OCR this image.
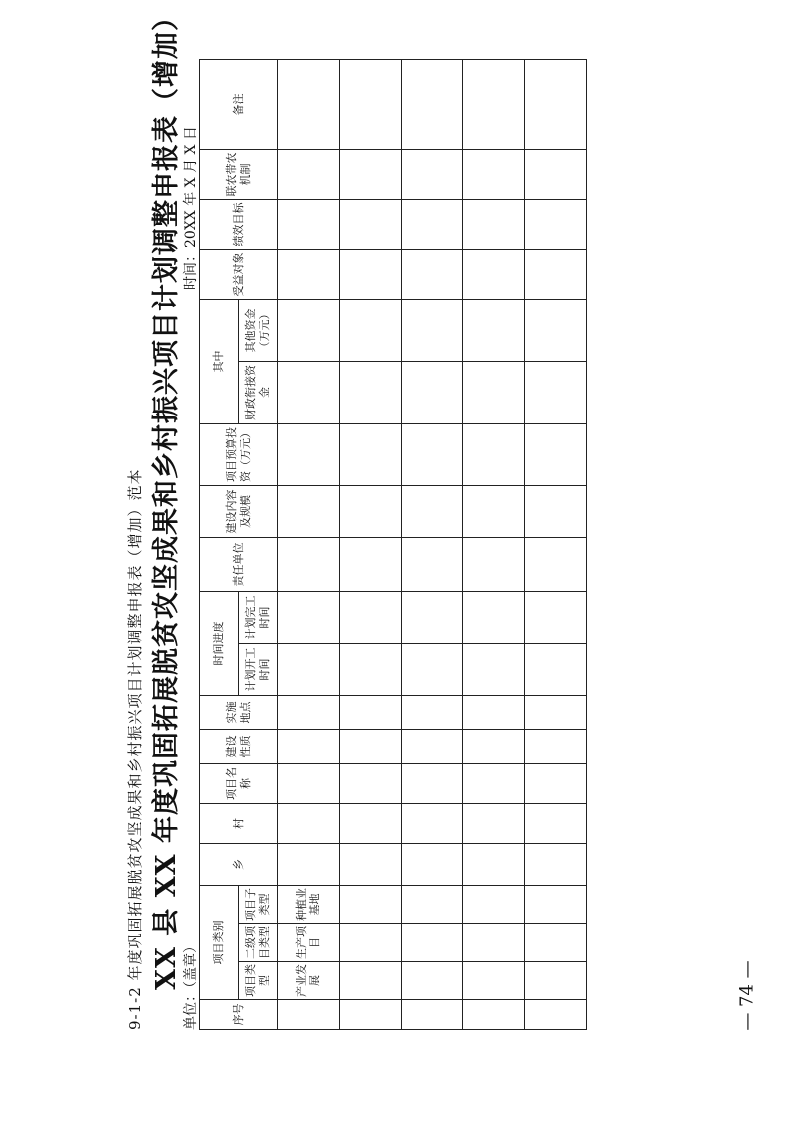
9-1-2 年度巩固拓展脱贫攻坚成果和乡村振兴项目计划调整申报表（增加）范本 XX 县 XX 年度巩固拓展脱贫攻坚成果和乡村振兴项目计划调整申报表（增加） 单位：（盖章）
时间：20XX 年 X 月 X 日
序号	项目类别			乡	村	项目名称	建设性质	实施地点	时间进度		责任单位	建设内容及规模	项目预算投资（万元）	其中		受益对象	绩效目标	联农带农机制	备注
	项目类型	二级项目类型	项目子类型						计划开工时间	计划完工时间				财政衔接资金	其他资金（万元）				
	产业发展	生产项目	种植业基地																

— 74 —
